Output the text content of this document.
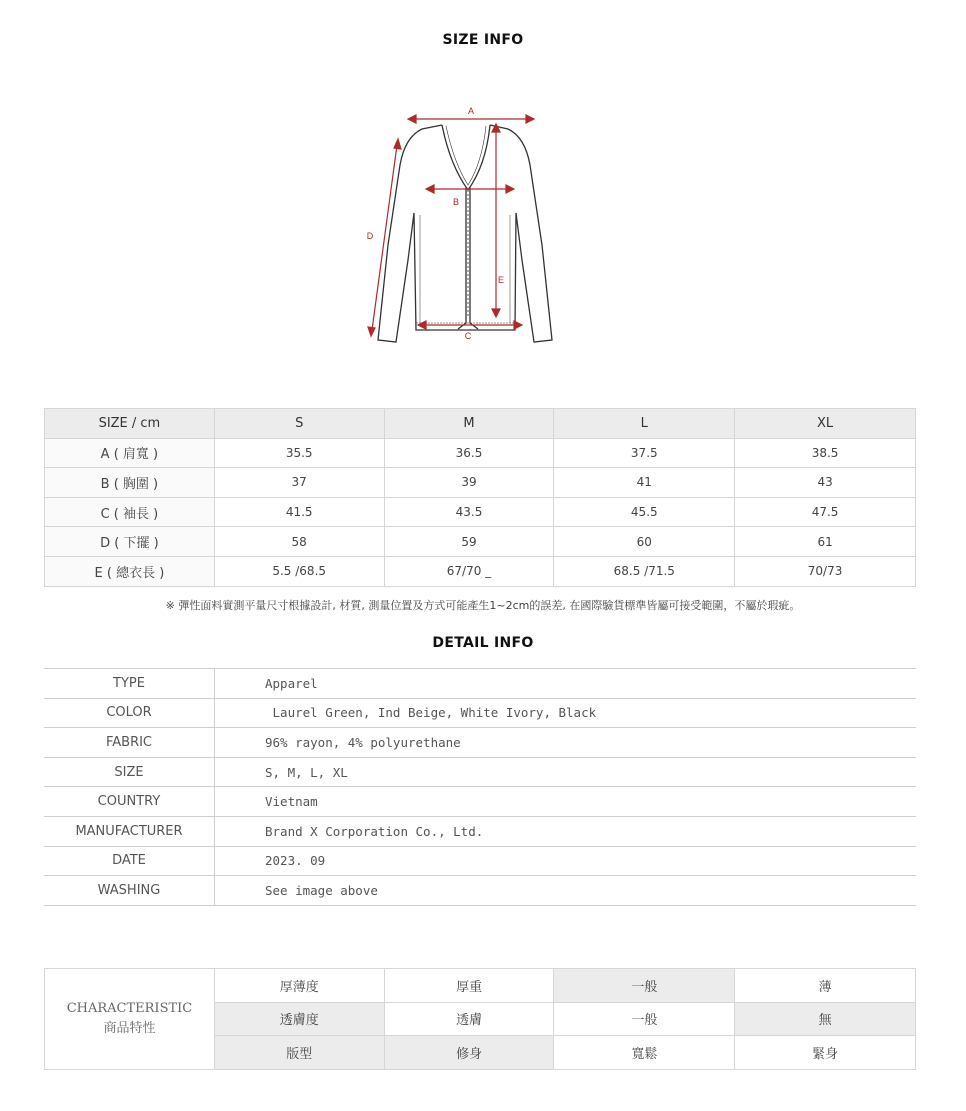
SIZE INFO
A
B
C
D
E
SIZE / cm	S	M	L	XL
A ( 肩寬 )	35.5	36.5	37.5	38.5
B ( 胸圍 )	37	39	41	43
C ( 袖長 )	41.5	43.5	45.5	47.5
D ( 下擺 )	58	59	60	61
E ( 總衣長 )	5.5 /68.5	67/70 _	68.5 /71.5	70/73
※ 彈性面料實測平量尺寸根據設計, 材質, 測量位置及方式可能產生1~2cm的誤差, 在國際驗貨標準皆屬可接受範圍，不屬於瑕疵。
DETAIL INFO
TYPE	Apparel
COLOR	Laurel Green, Ind Beige, White Ivory, Black
FABRIC	96% rayon, 4% polyurethane
SIZE	S, M, L, XL
COUNTRY	Vietnam
MANUFACTURER	Brand X Corporation Co., Ltd.
DATE	2023. 09
WASHING	See image above
CHARACTERISTIC
商品特性	厚薄度	厚重	一般	薄
	透膚度	透膚	一般	無
	版型	修身	寬鬆	緊身
